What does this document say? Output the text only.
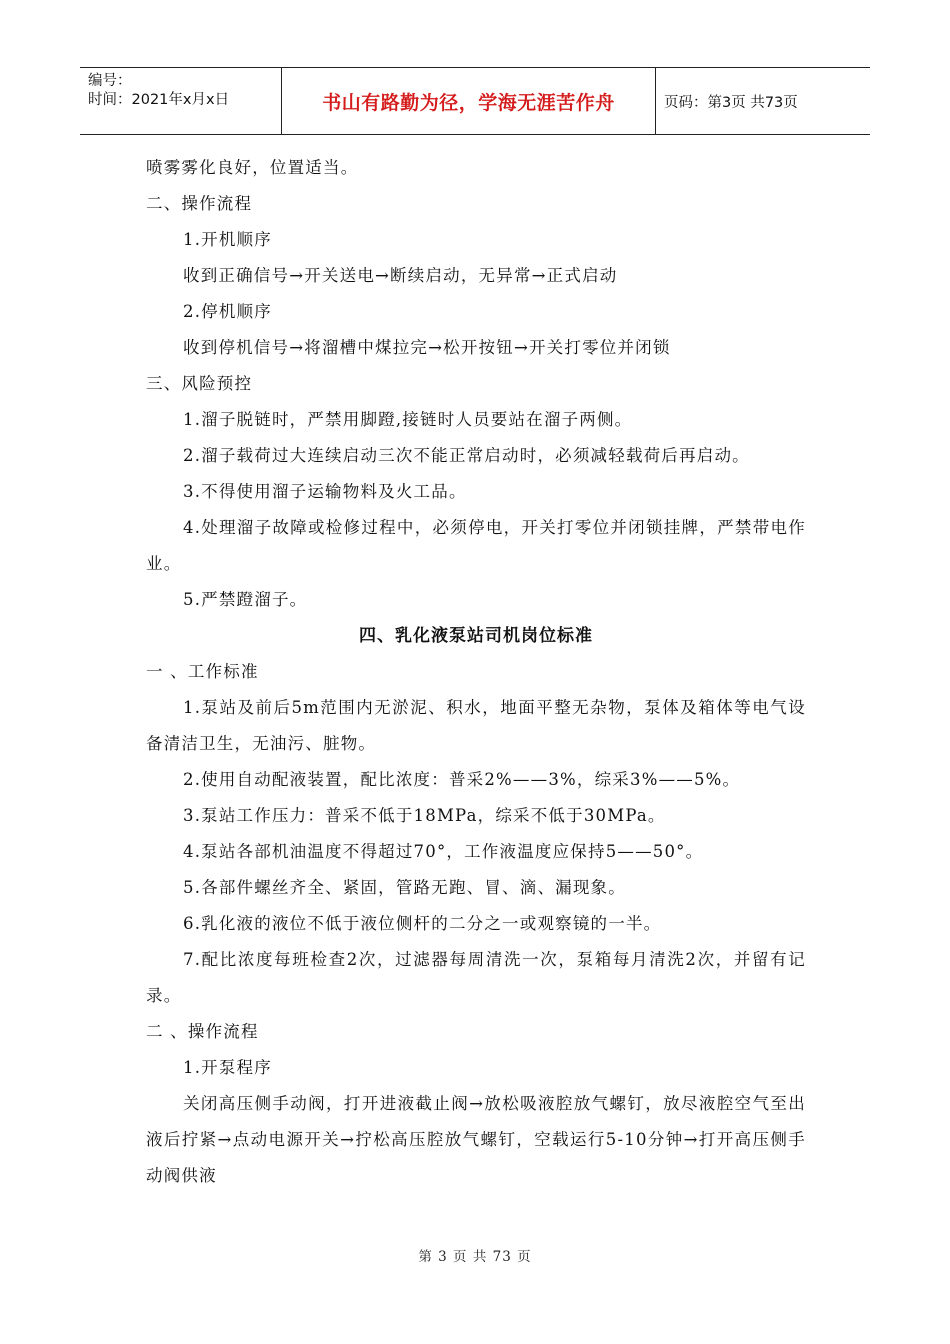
编号：
时间：2021年x月x日	书山有路勤为径，学海无涯苦作舟	页码：第3页 共73页
喷雾雾化良好，位置适当。
二、操作流程
1.开机顺序
收到正确信号→开关送电→断续启动，无异常→正式启动
2.停机顺序
收到停机信号→将溜槽中煤拉完→松开按钮→开关打零位并闭锁
三、风险预控
1.溜子脱链时，严禁用脚蹬,接链时人员要站在溜子两侧。
2.溜子载荷过大连续启动三次不能正常启动时，必须减轻载荷后再启动。
3.不得使用溜子运输物料及火工品。
4.处理溜子故障或检修过程中，必须停电，开关打零位并闭锁挂牌，严禁带电作业。
5.严禁蹬溜子。
四、乳化液泵站司机岗位标准
一 、工作标准
1.泵站及前后5m范围内无淤泥、积水，地面平整无杂物，泵体及箱体等电气设备清洁卫生，无油污、脏物。
2.使用自动配液装置，配比浓度：普采2%——3%，综采3%——5%。
3.泵站工作压力：普采不低于18MPa，综采不低于30MPa。
4.泵站各部机油温度不得超过70°，工作液温度应保持5——50°。
5.各部件螺丝齐全、紧固，管路无跑、冒、滴、漏现象。
6.乳化液的液位不低于液位侧杆的二分之一或观察镜的一半。
7.配比浓度每班检查2次，过滤器每周清洗一次，泵箱每月清洗2次，并留有记录。
二 、操作流程
1.开泵程序
关闭高压侧手动阀，打开进液截止阀→放松吸液腔放气螺钉，放尽液腔空气至出液后拧紧→点动电源开关→拧松高压腔放气螺钉，空载运行5-10分钟→打开高压侧手动阀供液
第 3 页 共 73 页
